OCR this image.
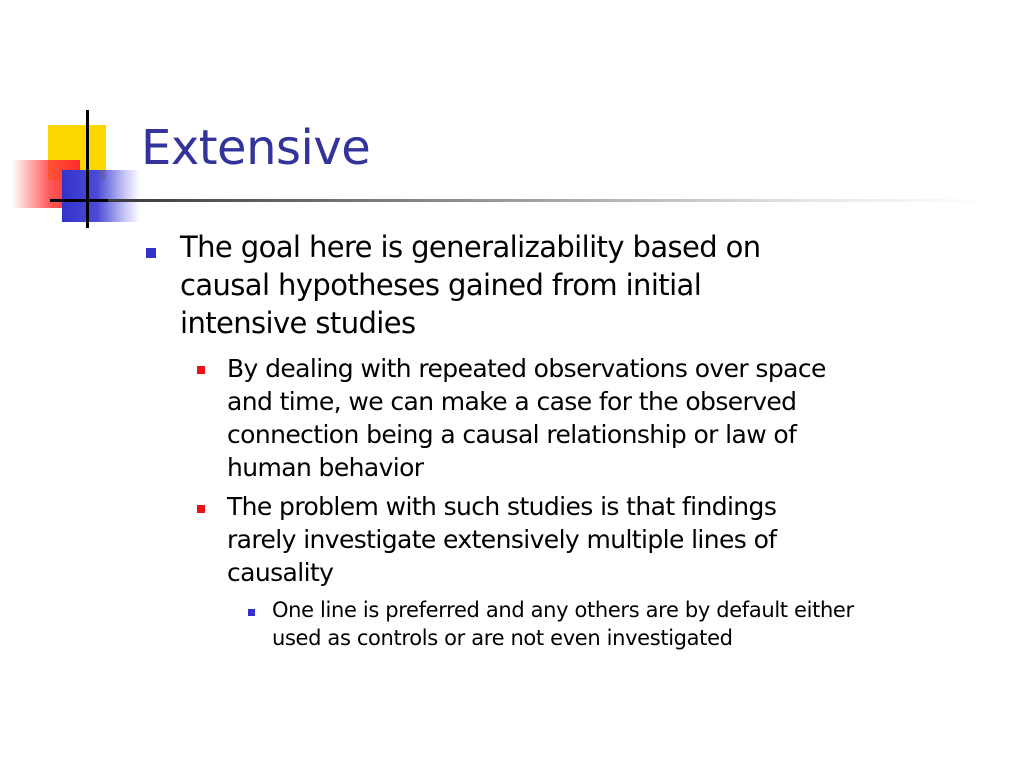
Extensive
The goal here is generalizability based on
causal hypotheses gained from initial
intensive studies
By dealing with repeated observations over space
and time, we can make a case for the observed
connection being a causal relationship or law of
human behavior
The problem with such studies is that findings
rarely investigate extensively multiple lines of
causality
One line is preferred and any others are by default either
used as controls or are not even investigated
